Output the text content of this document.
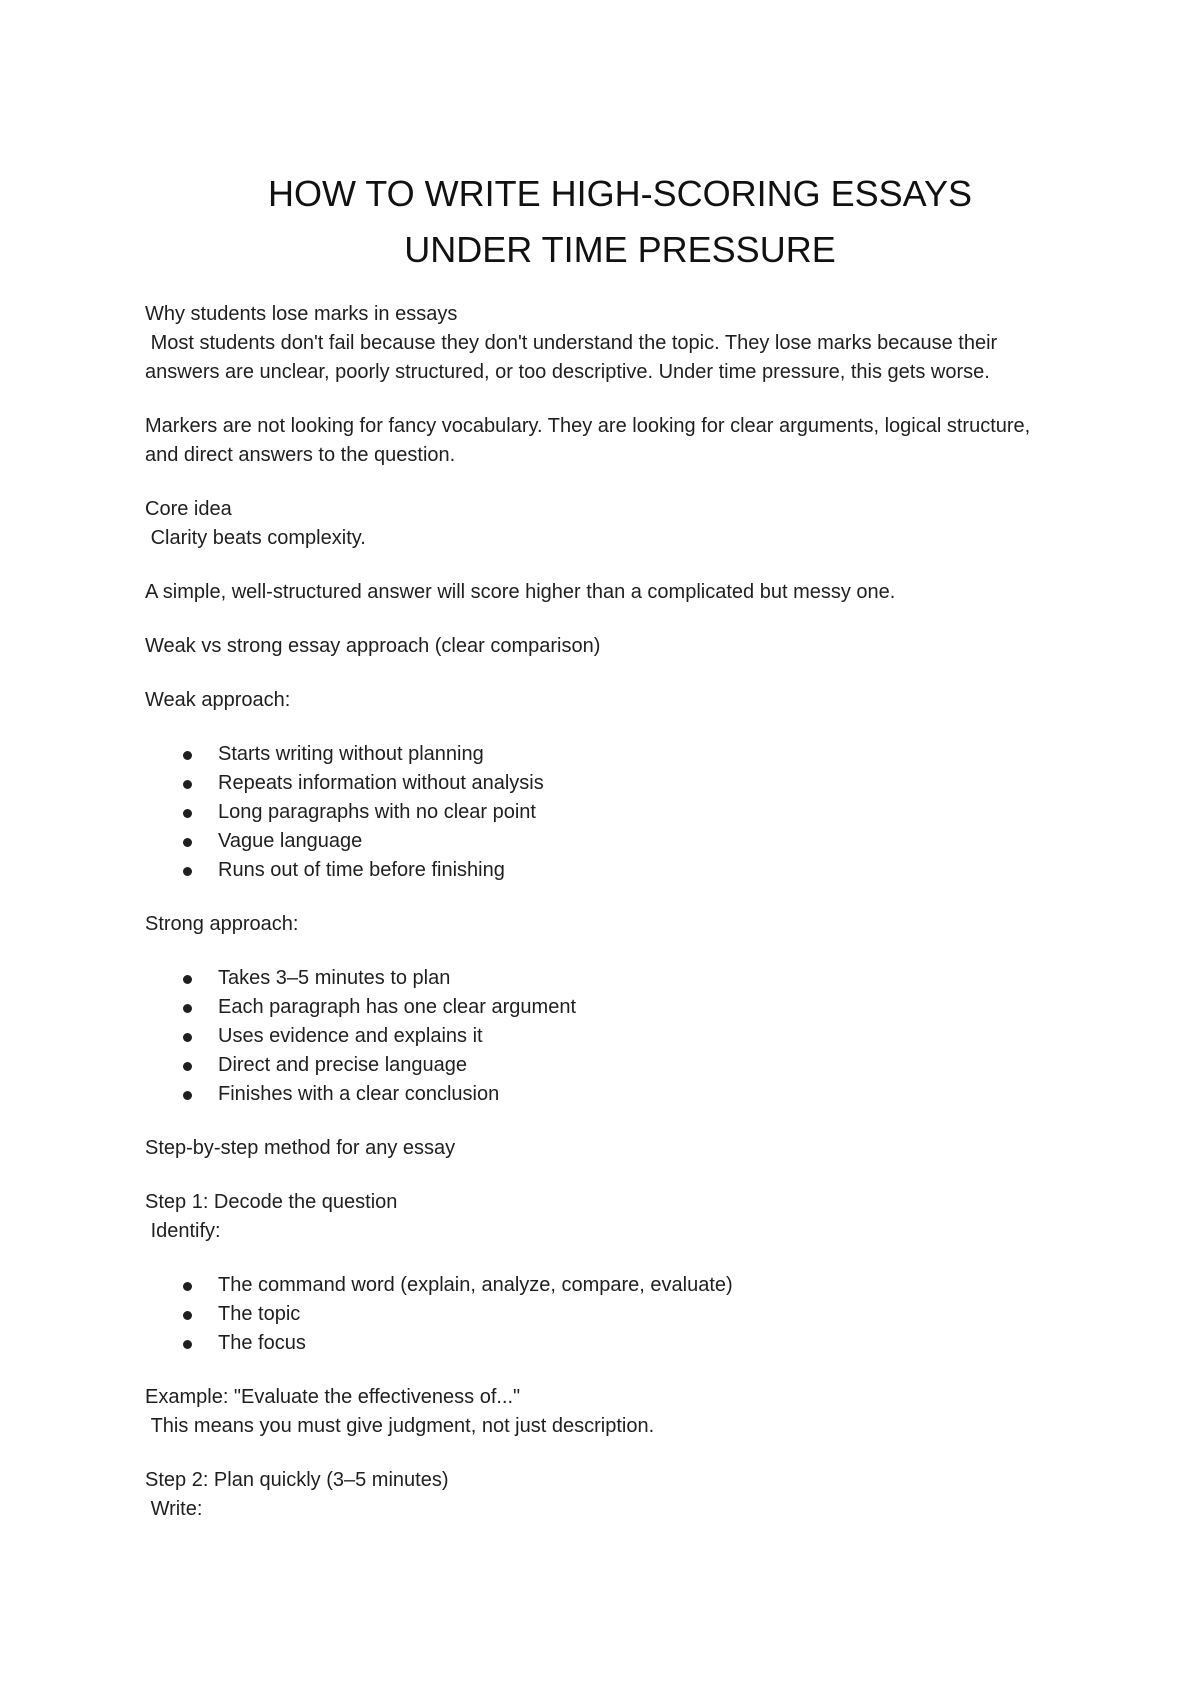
HOW TO WRITE HIGH-SCORING ESSAYS
UNDER TIME PRESSURE

Why students lose marks in essays
Most students don't fail because they don't understand the topic. They lose marks because their answers are unclear, poorly structured, or too descriptive. Under time pressure, this gets worse.

Markers are not looking for fancy vocabulary. They are looking for clear arguments, logical structure, and direct answers to the question.

Core idea
Clarity beats complexity.

A simple, well-structured answer will score higher than a complicated but messy one.

Weak vs strong essay approach (clear comparison)

Weak approach:

Starts writing without planning
Repeats information without analysis
Long paragraphs with no clear point
Vague language
Runs out of time before finishing

Strong approach:

Takes 3–5 minutes to plan
Each paragraph has one clear argument
Uses evidence and explains it
Direct and precise language
Finishes with a clear conclusion

Step-by-step method for any essay

Step 1: Decode the question
Identify:

The command word (explain, analyze, compare, evaluate)
The topic
The focus

Example: "Evaluate the effectiveness of..."
This means you must give judgment, not just description.

Step 2: Plan quickly (3–5 minutes)
Write:
